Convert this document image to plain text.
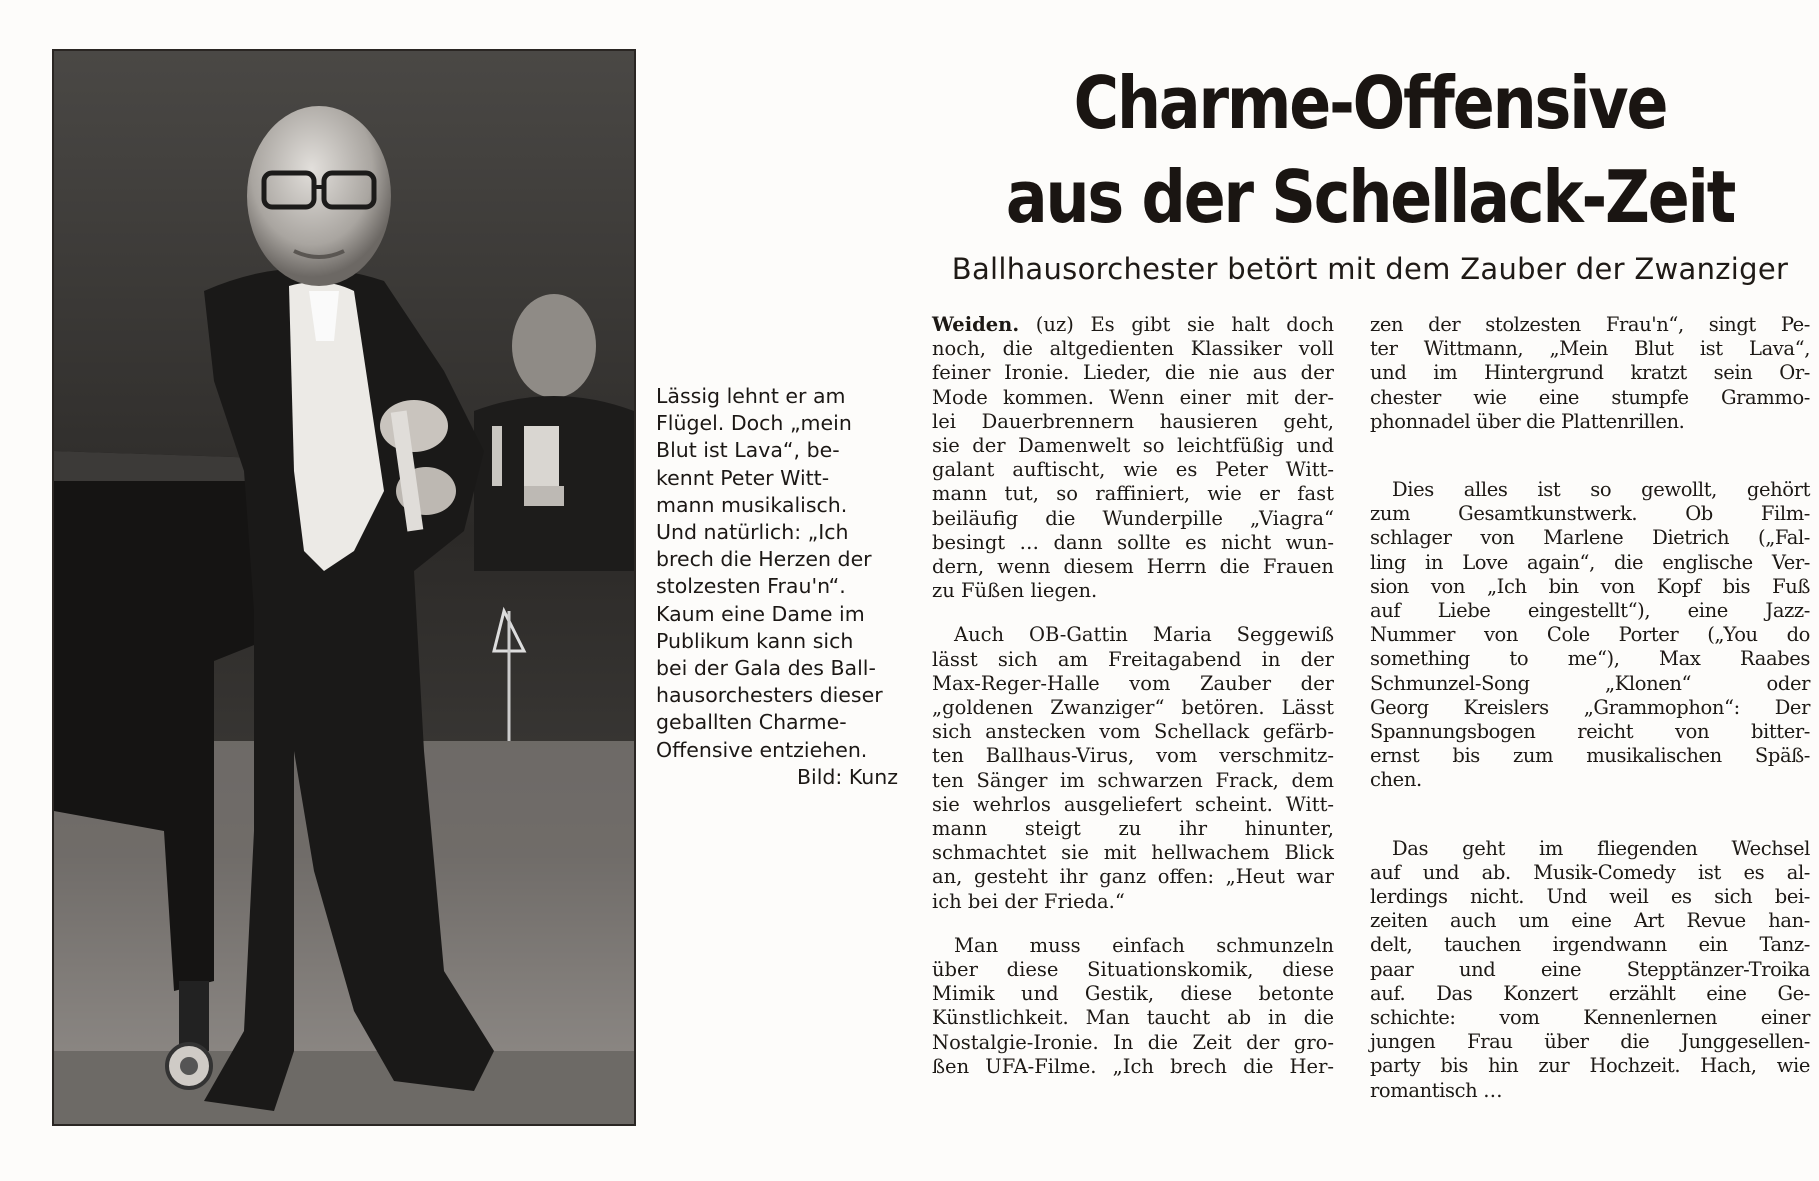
Lässig lehnt er am
Flügel. Doch „mein
Blut ist Lava“, be-
kennt Peter Witt-
mann musikalisch.
Und natürlich: „Ich
brech die Herzen der
stolzesten Frau'n“.
Kaum eine Dame im
Publikum kann sich
bei der Gala des Ball-
hausorchesters dieser
geballten Charme-
Offensive entziehen.
Bild: Kunz
Charme-Offensive
aus der Schellack-Zeit
Ballhausorchester betört mit dem Zauber der Zwanziger
Weiden. (uz) Es gibt sie halt doch
noch, die altgedienten Klassiker voll
feiner Ironie. Lieder, die nie aus der
Mode kommen. Wenn einer mit der-
lei Dauerbrennern hausieren geht,
sie der Damenwelt so leichtfüßig und
galant auftischt, wie es Peter Witt-
mann tut, so raffiniert, wie er fast
beiläufig die Wunderpille „Viagra“
besingt … dann sollte es nicht wun-
dern, wenn diesem Herrn die Frauen
zu Füßen liegen.
Auch OB-Gattin Maria Seggewiß
lässt sich am Freitagabend in der
Max-Reger-Halle vom Zauber der
„goldenen Zwanziger“ betören. Lässt
sich anstecken vom Schellack gefärb-
ten Ballhaus-Virus, vom verschmitz-
ten Sänger im schwarzen Frack, dem
sie wehrlos ausgeliefert scheint. Witt-
mann steigt zu ihr hinunter,
schmachtet sie mit hellwachem Blick
an, gesteht ihr ganz offen: „Heut war
ich bei der Frieda.“
Man muss einfach schmunzeln
über diese Situationskomik, diese
Mimik und Gestik, diese betonte
Künstlichkeit. Man taucht ab in die
Nostalgie-Ironie. In die Zeit der gro-
ßen UFA-Filme. „Ich brech die Her-
zen der stolzesten Frau'n“, singt Pe-
ter Wittmann, „Mein Blut ist Lava“,
und im Hintergrund kratzt sein Or-
chester wie eine stumpfe Grammo-
phonnadel über die Plattenrillen.
Dies alles ist so gewollt, gehört
zum Gesamtkunstwerk. Ob Film-
schlager von Marlene Dietrich („Fal-
ling in Love again“, die englische Ver-
sion von „Ich bin von Kopf bis Fuß
auf Liebe eingestellt“), eine Jazz-
Nummer von Cole Porter („You do
something to me“), Max Raabes
Schmunzel-Song „Klonen“ oder
Georg Kreislers „Grammophon“: Der
Spannungsbogen reicht von bitter-
ernst bis zum musikalischen Späß-
chen.
Das geht im fliegenden Wechsel
auf und ab. Musik-Comedy ist es al-
lerdings nicht. Und weil es sich bei-
zeiten auch um eine Art Revue han-
delt, tauchen irgendwann ein Tanz-
paar und eine Stepptänzer-Troika
auf. Das Konzert erzählt eine Ge-
schichte: vom Kennenlernen einer
jungen Frau über die Junggesellen-
party bis hin zur Hochzeit. Hach, wie
romantisch …
